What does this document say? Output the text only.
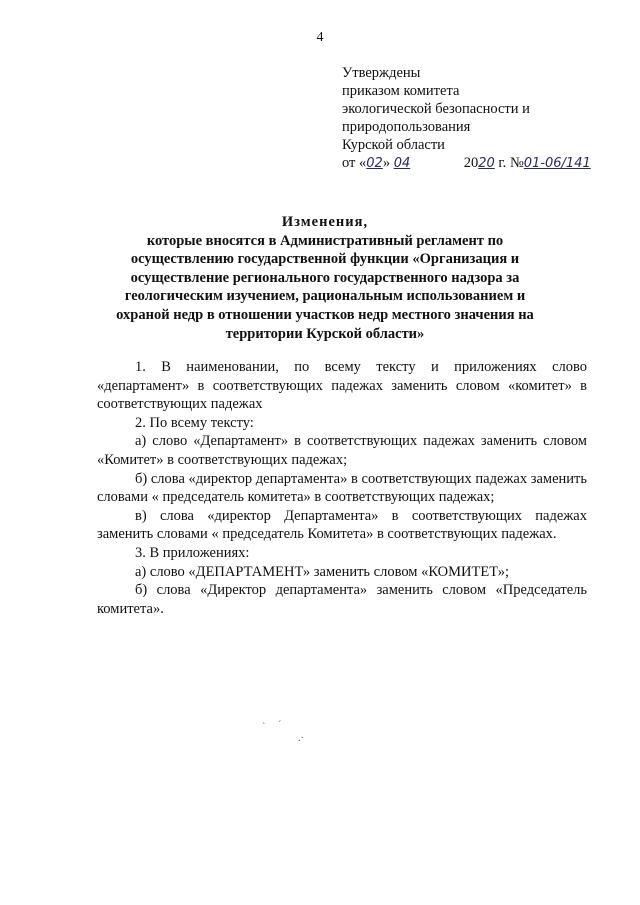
4
Утверждены
приказом комитета
экологической безопасности и
природопользования
Курской области
от «02» 04	2020 г. №01-06/141
Изменения,
которые вносятся в Административный регламент по
осуществлению государственной функции «Организация и
осуществление регионального государственного надзора за
геологическим изучением, рациональным использованием и
охраной недр в отношении участков недр местного значения на
территории Курской области»

1. В наименовании, по всему тексту и приложениях слово «департамент» в соответствующих падежах заменить словом «комитет» в соответствующих падежах

2. По всему тексту:

а) слово «Департамент» в соответствующих падежах заменить словом «Комитет» в соответствующих падежах;

б) слова «директор департамента» в соответствующих падежах заменить словами « председатель комитета» в соответствующих падежах;

в) слова «директор Департамента» в соответствующих падежах заменить словами « председатель Комитета» в соответствующих падежах.

3. В приложениях:

а) слово «ДЕПАРТАМЕНТ» заменить словом «КОМИТЕТ»;

б) слова «Директор департамента» заменить словом «Председатель комитета».

ˋ ˊ
.·
